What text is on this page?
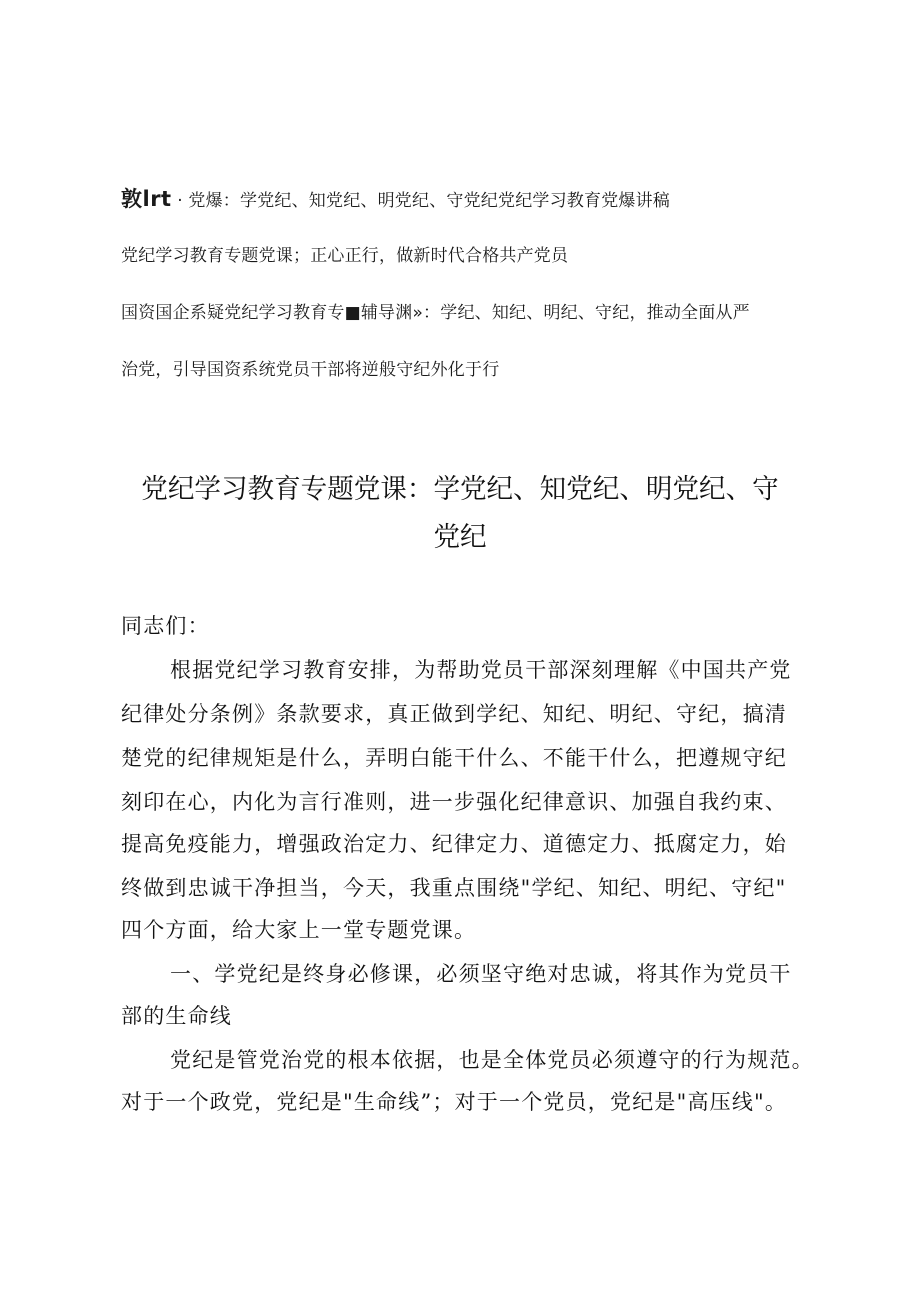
敦lrt · 党爆：学党纪、知党纪、明党纪、守党纪党纪学习教育党爆讲稿
党纪学习教育专题党课；正心正行，做新时代合格共产党员
国资国企系疑党纪学习教育专■辅导渊»：学纪、知纪、明纪、守纪，推动全面从严
治党，引导国资系统党员干部将逆般守纪外化于行
党纪学习教育专题党课：学党纪、知党纪、明党纪、守
党纪
同志们：
根据党纪学习教育安排，为帮助党员干部深刻理解《中国共产党
纪律处分条例》条款要求，真正做到学纪、知纪、明纪、守纪，搞清
楚党的纪律规矩是什么，弄明白能干什么、不能干什么，把遵规守纪
刻印在心，内化为言行准则，进一步强化纪律意识、加强自我约束、
提高免疫能力，增强政治定力、纪律定力、道德定力、抵腐定力，始
终做到忠诚干净担当，今天，我重点围绕"学纪、知纪、明纪、守纪"
四个方面，给大家上一堂专题党课。
一、学党纪是终身必修课，必须坚守绝对忠诚，将其作为党员干
部的生命线
党纪是管党治党的根本依据，也是全体党员必须遵守的行为规范。
对于一个政党，党纪是"生命线”；对于一个党员，党纪是"高压线"。
